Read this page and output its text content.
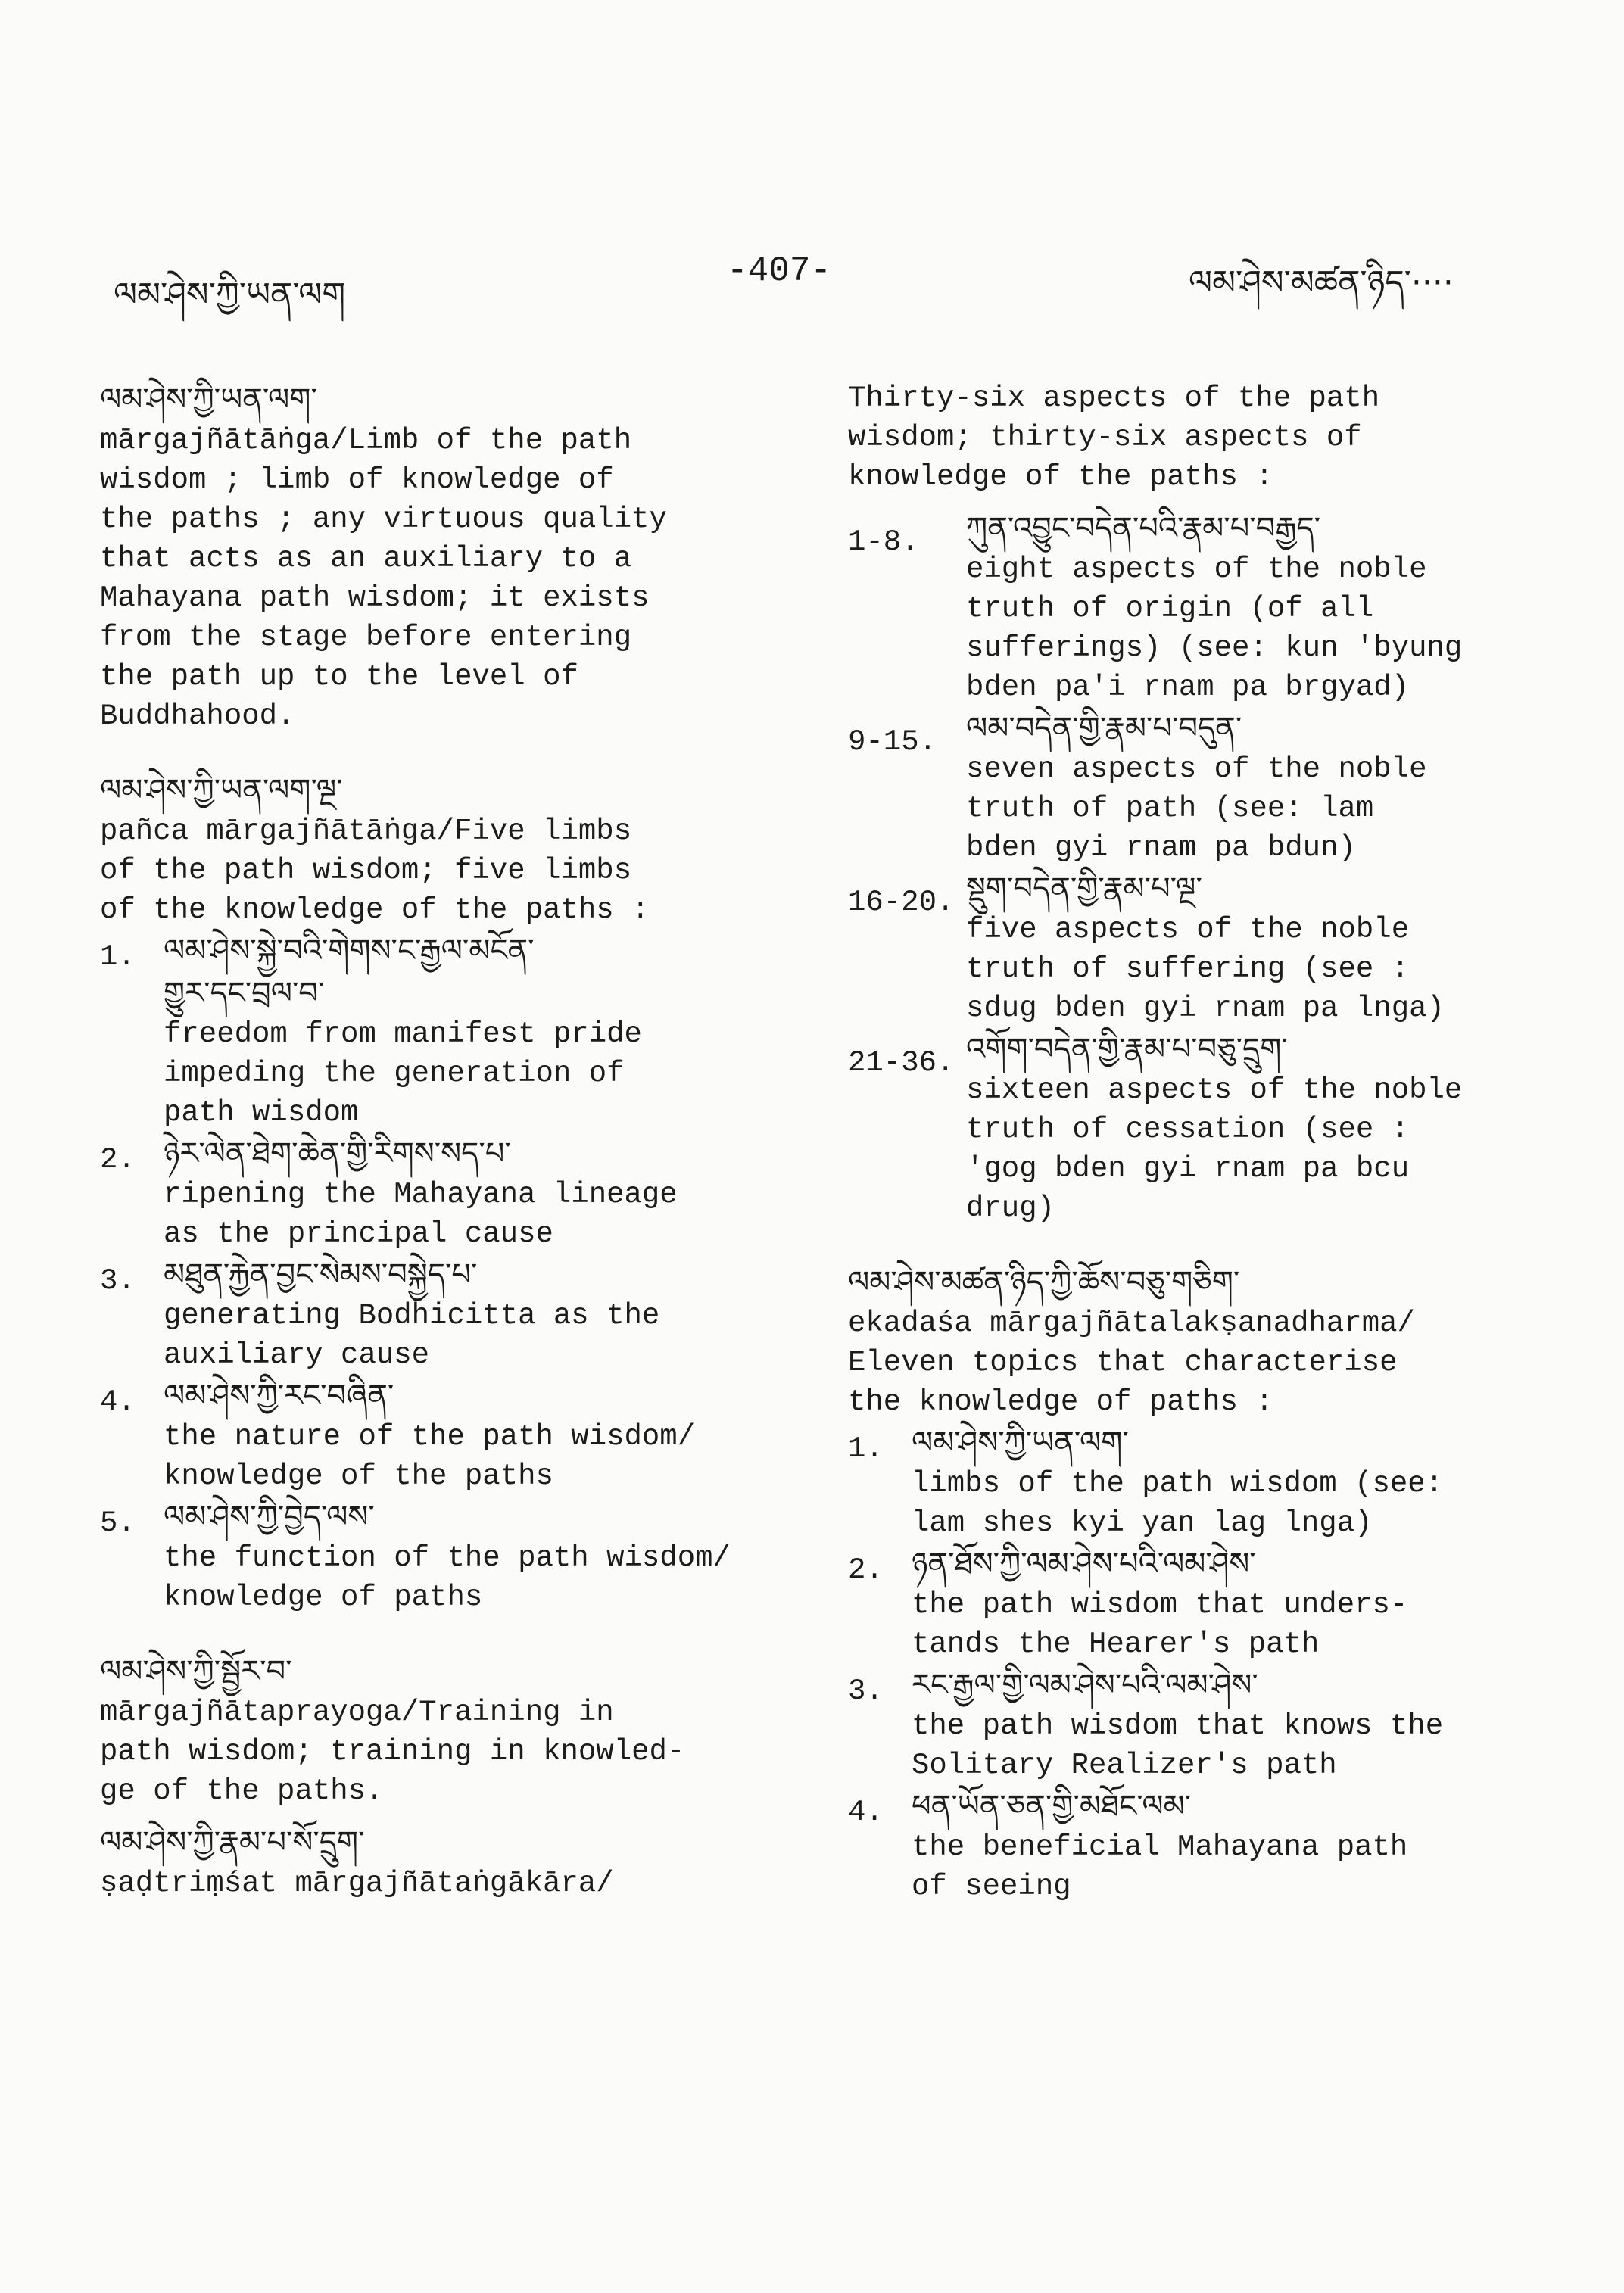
ལམ་ཤེས་ཀྱི་ཡན་ལག
-407-	ལམ་ཤེས་མཚན་ཉིད་····
ལམ་ཤེས་ཀྱི་ཡན་ལག་
mārgajñātāṅga/Limb of the path
wisdom ; limb of knowledge of
the paths ; any virtuous quality
that acts as an auxiliary to a
Mahayana path wisdom; it exists
from the stage before entering
the path up to the level of
Buddhahood.
ལམ་ཤེས་ཀྱི་ཡན་ལག་ལྔ་
pañca mārgajñātāṅga/Five limbs
of the path wisdom; five limbs
of the knowledge of the paths :
1. ལམ་ཤེས་སྐྱེ་བའི་གེགས་ང་རྒྱལ་མངོན་
གྱུར་དང་བྲལ་བ་
freedom from manifest pride
impeding the generation of
path wisdom
2. ཉེར་ལེན་ཐེག་ཆེན་གྱི་རིགས་སད་པ་
ripening the Mahayana lineage
as the principal cause
3. མཐུན་རྐྱེན་བྱང་སེམས་བསྐྱེད་པ་
generating Bodhicitta as the
auxiliary cause
4. ལམ་ཤེས་ཀྱི་རང་བཞིན་
the nature of the path wisdom/
knowledge of the paths
5. ལམ་ཤེས་ཀྱི་བྱེད་ལས་
the function of the path wisdom/
knowledge of paths
ལམ་ཤེས་ཀྱི་སྦྱོར་བ་
mārgajñātaprayoga/Training in
path wisdom; training in knowled-
ge of the paths.
ལམ་ཤེས་ཀྱི་རྣམ་པ་སོ་དྲུག་
ṣaḍtriṃśat mārgajñātaṅgākāra/
Thirty-six aspects of the path
wisdom; thirty-six aspects of
knowledge of the paths :
1-8. ཀུན་འབྱུང་བདེན་པའི་རྣམ་པ་བརྒྱད་
eight aspects of the noble
truth of origin (of all
sufferings) (see: kun 'byung
bden pa'i rnam pa brgyad)
9-15. ལམ་བདེན་གྱི་རྣམ་པ་བདུན་
seven aspects of the noble
truth of path (see: lam
bden gyi rnam pa bdun)
16-20. སྡུག་བདེན་གྱི་རྣམ་པ་ལྔ་
five aspects of the noble
truth of suffering (see :
sdug bden gyi rnam pa lnga)
21-36. འགོག་བདེན་གྱི་རྣམ་པ་བཅུ་དྲུག་
sixteen aspects of the noble
truth of cessation (see :
'gog bden gyi rnam pa bcu
drug)
ལམ་ཤེས་མཚན་ཉིད་ཀྱི་ཆོས་བཅུ་གཅིག་
ekadaśa mārgajñātalakṣanadharma/
Eleven topics that characterise
the knowledge of paths :
1. ལམ་ཤེས་ཀྱི་ཡན་ལག་
limbs of the path wisdom (see:
lam shes kyi yan lag lnga)
2. ཉན་ཐོས་ཀྱི་ལམ་ཤེས་པའི་ལམ་ཤེས་
the path wisdom that unders-
tands the Hearer's path
3. རང་རྒྱལ་གྱི་ལམ་ཤེས་པའི་ལམ་ཤེས་
the path wisdom that knows the
Solitary Realizer's path
4. ཕན་ཡོན་ཅན་གྱི་མཐོང་ལམ་
the beneficial Mahayana path
of seeing
